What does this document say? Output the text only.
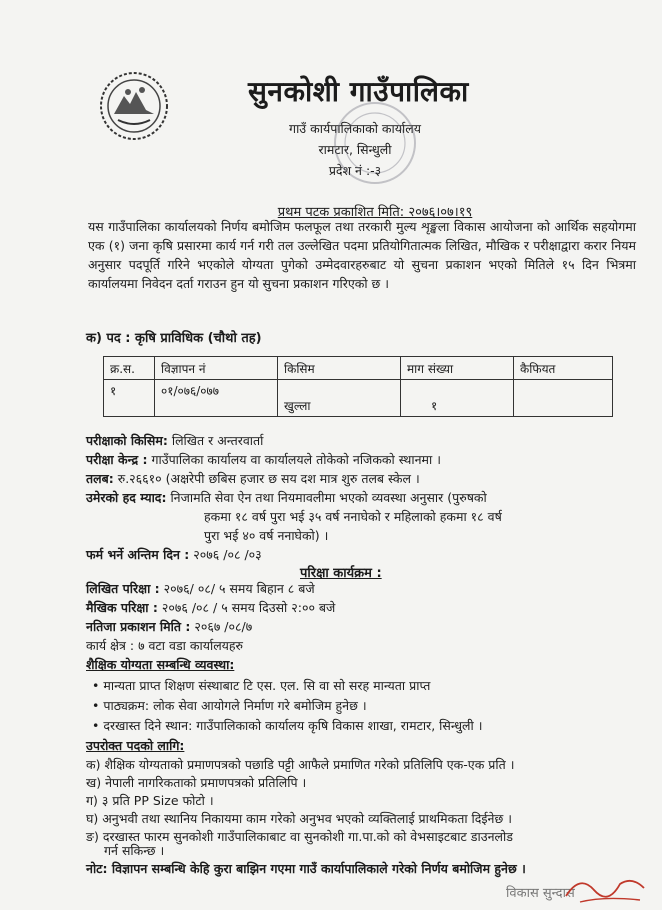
सुनकोशी गाउँपालिका
गाउँ कार्यपालिकाको कार्यालय
रामटार, सिन्धुली
प्रदेश नं :-३
प्रथम पटक प्रकाशित मिति: २०७६।०७।१९
यस गाउँपालिका कार्यालयको निर्णय बमोजिम फलफूल तथा तरकारी मुल्य शृङ्खला विकास आयोजना को आर्थिक सहयोगमा एक (१) जना कृषि प्रसारमा कार्य गर्न गरी तल उल्लेखित पदमा प्रतियोगितात्मक लिखित, मौखिक र परीक्षाद्वारा करार नियम अनुसार पदपूर्ति गरिने भएकोले योग्यता पुगेको उम्मेदवारहरुबाट यो सुचना प्रकाशन भएको मितिले १५ दिन भित्रमा कार्यालयमा निवेदन दर्ता गराउन हुन यो सुचना प्रकाशन गरिएको छ ।
क) पद : कृषि प्राविधिक (चौथो तह)
क्र.स.	विज्ञापन नं	किसिम	माग संख्या	कैफियत
१	०१/०७६/०७७	खुल्ला	१	
परीक्षाको किसिम: लिखित र अन्तरवार्ता
परीक्षा केन्द्र : गाउँपालिका कार्यालय वा कार्यालयले तोकेको नजिकको स्थानमा ।
तलब: रु.२६६१० (अक्षरेपी छबिस हजार छ सय दश मात्र शुरु तलब स्केल ।
उमेरको हद म्याद: निजामति सेवा ऐन तथा नियमावलीमा भएको व्यवस्था अनुसार (पुरुषको
हकमा १८ वर्ष पुरा भई ३५ वर्ष ननाघेको र महिलाको हकमा १८ वर्ष
पुरा भई ४० वर्ष ननाघेको) ।
फर्म भर्ने अन्तिम दिन : २०७६ /०८ /०३
परिक्षा कार्यक्रम :
लिखित परिक्षा : २०७६/ ०८/ ५ समय बिहान ८ बजे
मैखिक परिक्षा : २०७६ /०८ / ५ समय दिउसो २:०० बजे
नतिजा प्रकाशन मिति : २०६७ /०८/७
कार्य क्षेत्र : ७ वटा वडा कार्यालयहरु
शैक्षिक योग्यता सम्बन्धि व्यवस्था:
• मान्यता प्राप्त शिक्षण संस्थाबाट टि एस. एल. सि वा सो सरह मान्यता प्राप्त
• पाठ्यक्रम: लोक सेवा आयोगले निर्माण गरे बमोजिम हुनेछ ।
• दरखास्त दिने स्थान: गाउँपालिकाको कार्यालय कृषि विकास शाखा, रामटार, सिन्धुली ।
उपरोक्त पदको लागि:
क) शैक्षिक योग्यताको प्रमाणपत्रको पछाडि पट्टी आफैले प्रमाणित गरेको प्रतिलिपि एक-एक प्रति ।
ख) नेपाली नागरिकताको प्रमाणपत्रको प्रतिलिपि ।
ग) ३ प्रति PP Size फोटो ।
घ) अनुभवी तथा स्थानिय निकायमा काम गरेको अनुभव भएको व्यक्तिलाई प्राथमिकता दिईनेछ ।
ङ) दरखास्त फारम सुनकोशी गाउँपालिकाबाट वा सुनकोशी गा.पा.को को वेभसाइटबाट डाउनलोड
गर्न सकिन्छ ।
नोट: विज्ञापन सम्बन्धि केहि कुरा बाझिन गएमा गाउँ कार्यापालिकाले गरेको निर्णय बमोजिम हुनेछ ।
विकास सुन्दास
